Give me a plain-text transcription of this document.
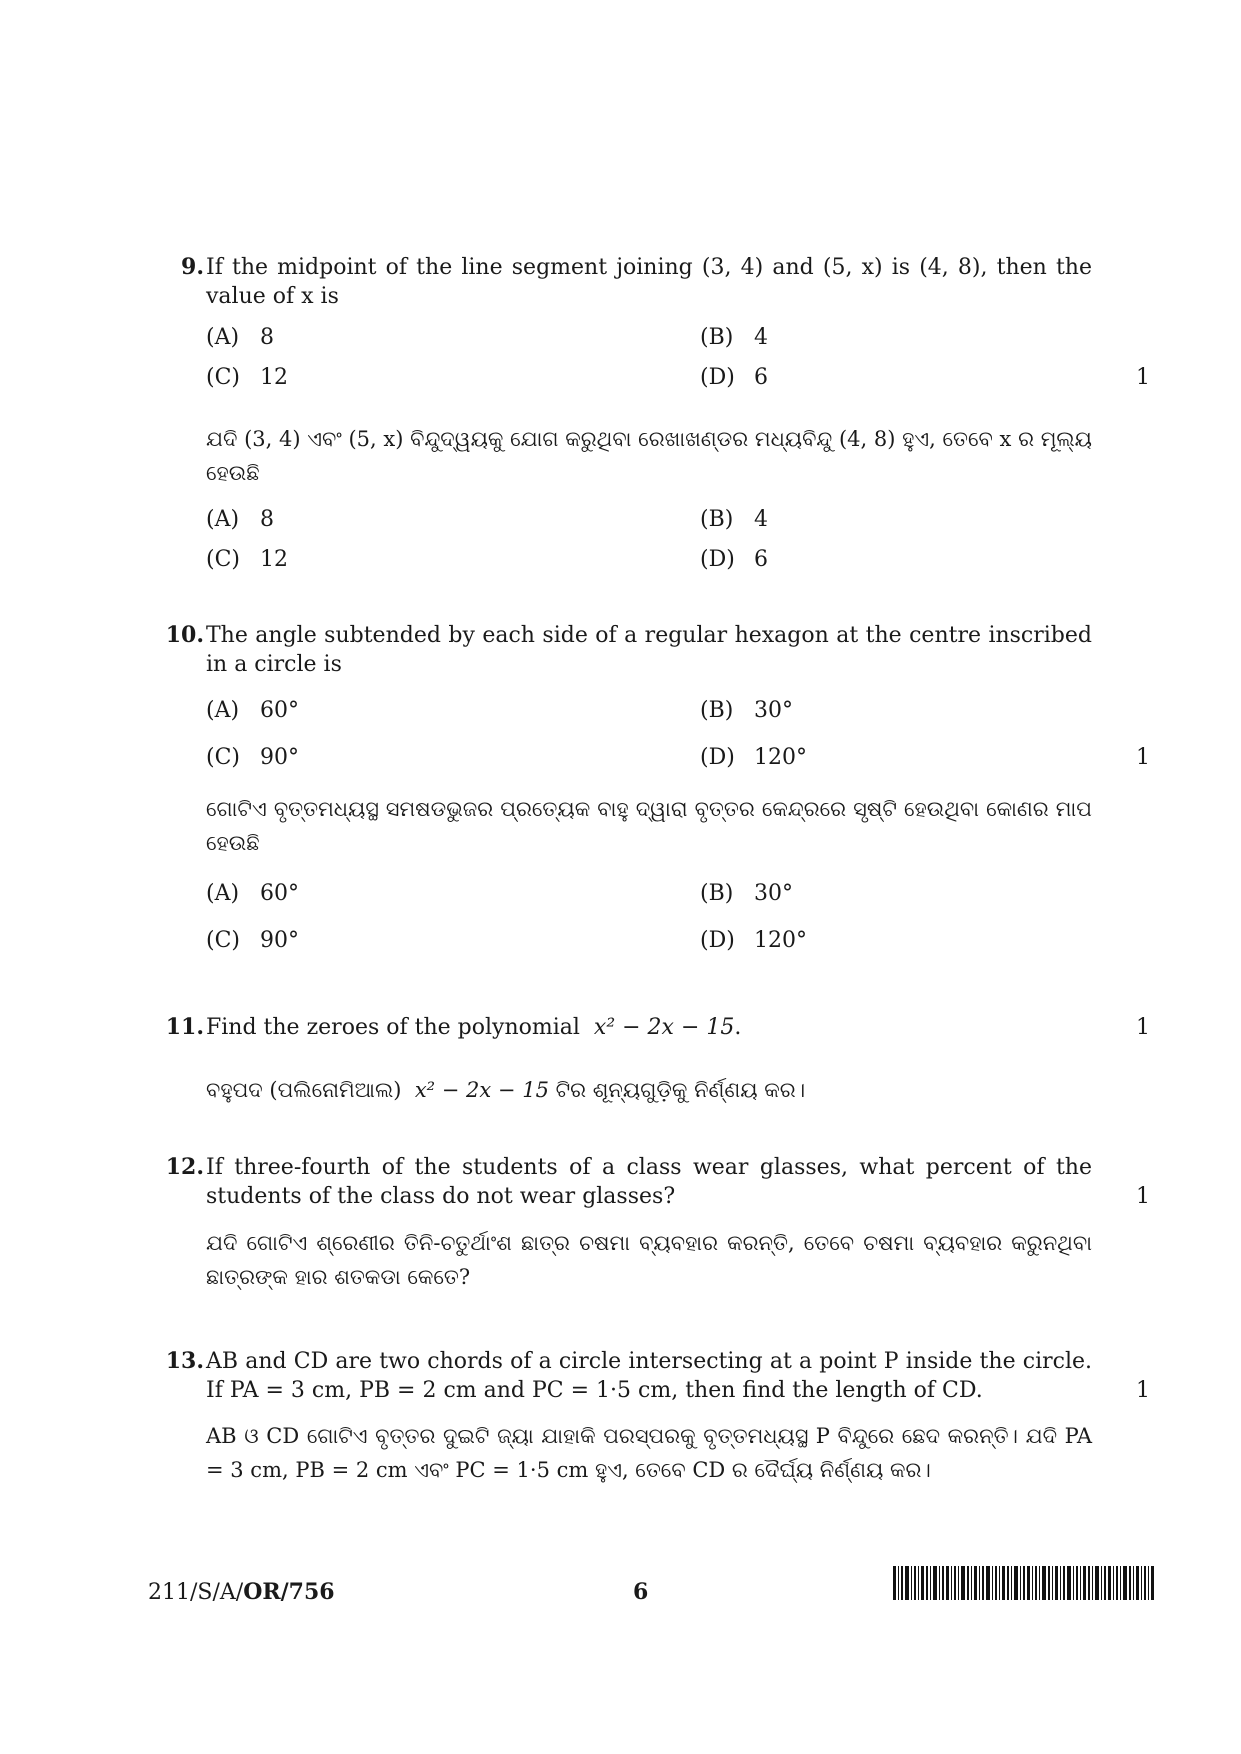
9. If the midpoint of the line segment joining (3, 4) and (5, x) is (4, 8), then the value of x is
(A) 8	(B) 4
(C) 12	(D) 6	1
ଯଦି (3, 4) ଏବଂ (5, x) ବିନ୍ଦୁଦ୍ୱୟକୁ ଯୋଗ କରୁଥିବା ରେଖାଖଣ୍ଡର ମଧ୍ୟବିନ୍ଦୁ (4, 8) ହୁଏ, ତେବେ x ର ମୂଲ୍ୟ ହେଉଛି
(A) 8	(B) 4
(C) 12	(D) 6
10. The angle subtended by each side of a regular hexagon at the centre inscribed in a circle is
(A) 60°	(B) 30°
(C) 90°	(D) 120°	1
ଗୋଟିଏ ବୃତ୍ତମଧ୍ୟସ୍ଥ ସମଷଡଭୁଜର ପ୍ରତ୍ୟେକ ବାହୁ ଦ୍ୱାରା ବୃତ୍ତର କେନ୍ଦ୍ରରେ ସୃଷ୍ଟି ହେଉଥିବା କୋଣର ମାପ ହେଉଛି
(A) 60°	(B) 30°
(C) 90°	(D) 120°
11. Find the zeroes of the polynomial x² − 2x − 15.	1
ବହୁପଦ (ପଲିନୋମିଆଲ) x² − 2x − 15 ଟିର ଶୂନ୍ୟଗୁଡ଼ିକୁ ନିର୍ଣ୍ଣୟ କର।
12. If three-fourth of the students of a class wear glasses, what percent of the students of the class do not wear glasses?	1
ଯଦି ଗୋଟିଏ ଶ୍ରେଣୀର ତିନି-ଚତୁର୍ଥାଂଶ ଛାତ୍ର ଚଷମା ବ୍ୟବହାର କରନ୍ତି, ତେବେ ଚଷମା ବ୍ୟବହାର କରୁନଥିବା ଛାତ୍ରଙ୍କ ହାର ଶତକଡା କେତେ?
13. AB and CD are two chords of a circle intersecting at a point P inside the circle. If PA = 3 cm, PB = 2 cm and PC = 1·5 cm, then find the length of CD.	1
AB ଓ CD ଗୋଟିଏ ବୃତ୍ତର ଦୁଇଟି ଜ୍ୟା ଯାହାକି ପରସ୍ପରକୁ ବୃତ୍ତମଧ୍ୟସ୍ଥ P ବିନ୍ଦୁରେ ଛେଦ କରନ୍ତି। ଯଦି PA = 3 cm, PB = 2 cm ଏବଂ PC = 1·5 cm ହୁଏ, ତେବେ CD ର ଦୈର୍ଘ୍ୟ ନିର୍ଣ୍ଣୟ କର।
211/S/A/OR/756	6
